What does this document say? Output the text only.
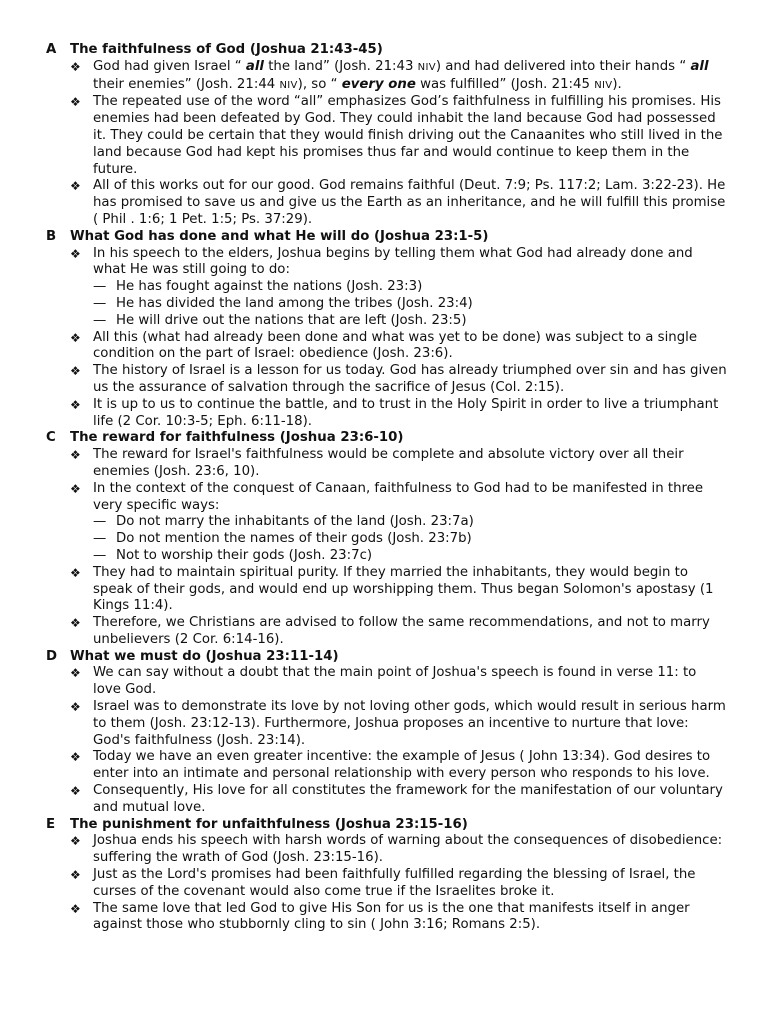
A	The faithfulness of God (Joshua 21:43-45)
❖ God had given Israel “ all the land” (Josh. 21:43 NIV) and had delivered into their hands “ all their enemies” (Josh. 21:44 NIV), so “ every one was fulfilled” (Josh. 21:45 NIV).
❖ The repeated use of the word “all” emphasizes God’s faithfulness in fulfilling his promises. His enemies had been defeated by God. They could inhabit the land because God had possessed it. They could be certain that they would finish driving out the Canaanites who still lived in the land because God had kept his promises thus far and would continue to keep them in the future.
❖ All of this works out for our good. God remains faithful (Deut. 7:9; Ps. 117:2; Lam. 3:22-23). He has promised to save us and give us the Earth as an inheritance, and he will fulfill this promise ( Phil . 1:6; 1 Pet. 1:5; Ps. 37:29).
B	What God has done and what He will do (Joshua 23:1-5)
❖ In his speech to the elders, Joshua begins by telling them what God had already done and what He was still going to do:
— He has fought against the nations (Josh. 23:3)
— He has divided the land among the tribes (Josh. 23:4)
— He will drive out the nations that are left (Josh. 23:5)
❖ All this (what had already been done and what was yet to be done) was subject to a single condition on the part of Israel: obedience (Josh. 23:6).
❖ The history of Israel is a lesson for us today. God has already triumphed over sin and has given us the assurance of salvation through the sacrifice of Jesus (Col. 2:15).
❖ It is up to us to continue the battle, and to trust in the Holy Spirit in order to live a triumphant life (2 Cor. 10:3-5; Eph. 6:11-18).
C	The reward for faithfulness (Joshua 23:6-10)
❖ The reward for Israel's faithfulness would be complete and absolute victory over all their enemies (Josh. 23:6, 10).
❖ In the context of the conquest of Canaan, faithfulness to God had to be manifested in three very specific ways:
— Do not marry the inhabitants of the land (Josh. 23:7a)
— Do not mention the names of their gods (Josh. 23:7b)
— Not to worship their gods (Josh. 23:7c)
❖ They had to maintain spiritual purity. If they married the inhabitants, they would begin to speak of their gods, and would end up worshipping them. Thus began Solomon's apostasy (1 Kings 11:4).
❖ Therefore, we Christians are advised to follow the same recommendations, and not to marry unbelievers (2 Cor. 6:14-16).
D What we must do (Joshua 23:11-14)
❖ We can say without a doubt that the main point of Joshua's speech is found in verse 11: to love God.
❖ Israel was to demonstrate its love by not loving other gods, which would result in serious harm to them (Josh. 23:12-13). Furthermore, Joshua proposes an incentive to nurture that love: God's faithfulness (Josh. 23:14).
❖ Today we have an even greater incentive: the example of Jesus ( John 13:34). God desires to enter into an intimate and personal relationship with every person who responds to his love.
❖ Consequently, His love for all constitutes the framework for the manifestation of our voluntary and mutual love.
E	The punishment for unfaithfulness (Joshua 23:15-16)
❖ Joshua ends his speech with harsh words of warning about the consequences of disobedience: suffering the wrath of God (Josh. 23:15-16).
❖ Just as the Lord's promises had been faithfully fulfilled regarding the blessing of Israel, the curses of the covenant would also come true if the Israelites broke it.
❖ The same love that led God to give His Son for us is the one that manifests itself in anger against those who stubbornly cling to sin ( John 3:16; Romans 2:5).
